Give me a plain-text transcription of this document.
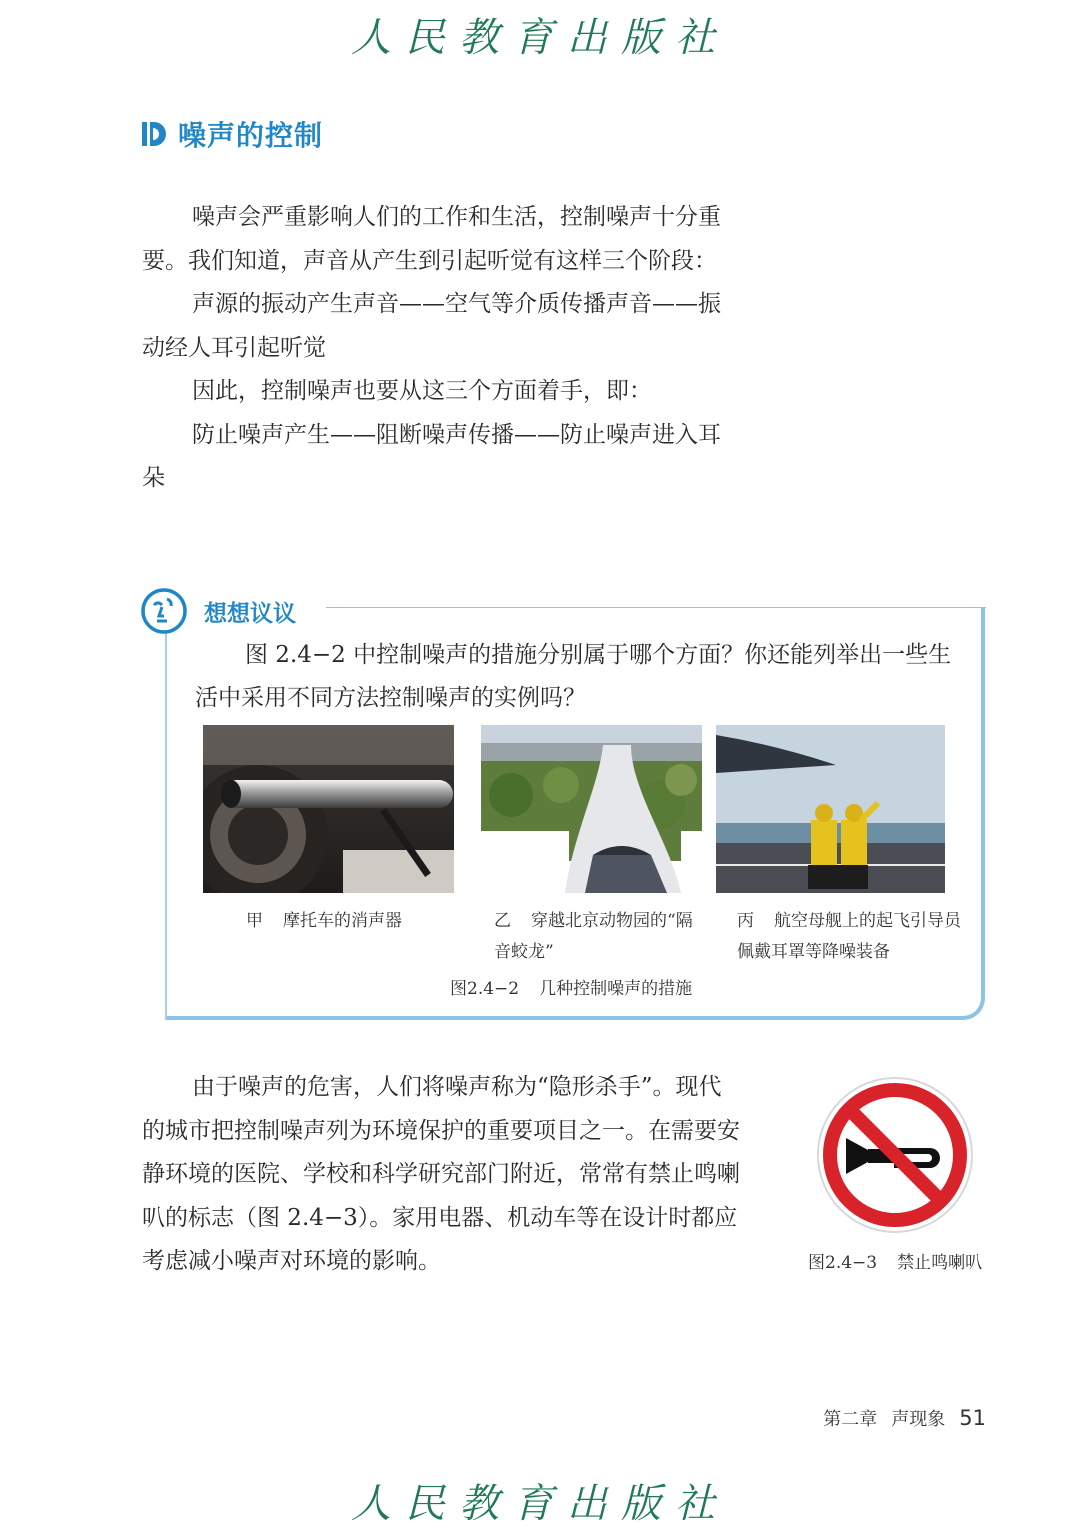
人民教育出版社
噪声的控制

噪声会严重影响人们的工作和生活，控制噪声十分重要。我们知道，声音从产生到引起听觉有这样三个阶段：

声源的振动产生声音——空气等介质传播声音——振动经人耳引起听觉

因此，控制噪声也要从这三个方面着手，即：

防止噪声产生——阻断噪声传播——防止噪声进入耳朵

想想议议

图 2.4−2 中控制噪声的措施分别属于哪个方面？你还能列举出一些生活中采用不同方法控制噪声的实例吗？

甲 摩托车的消声器	乙 穿越北京动物园的“隔音蛟龙”
丙 航空母舰上的起飞引导员佩戴耳罩等降噪装备
图2.4−2 几种控制噪声的措施

由于噪声的危害，人们将噪声称为“隐形杀手”。现代的城市把控制噪声列为环境保护的重要项目之一。在需要安静环境的医院、学校和科学研究部门附近，常常有禁止鸣喇叭的标志（图 2.4−3）。家用电器、机动车等在设计时都应考虑减小噪声对环境的影响。	图2.4−3 禁止鸣喇叭
第二章 声现象 51
人民教育出版社
